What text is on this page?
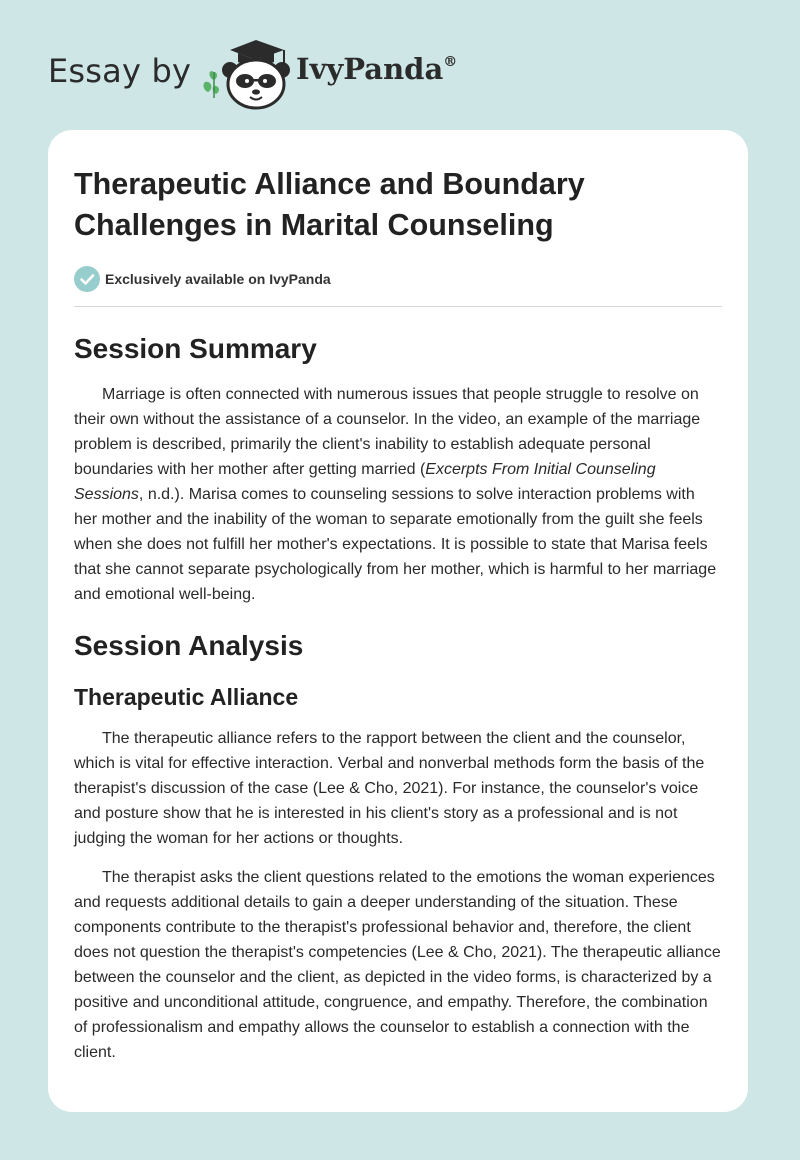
Essay by	IvyPanda®
Therapeutic Alliance and Boundary Challenges in Marital Counseling
Exclusively available on IvyPanda
Session Summary

Marriage is often connected with numerous issues that people struggle to resolve on their own without the assistance of a counselor. In the video, an example of the marriage problem is described, primarily the client's inability to establish adequate personal boundaries with her mother after getting married (Excerpts From Initial Counseling Sessions, n.d.). Marisa comes to counseling sessions to solve interaction problems with her mother and the inability of the woman to separate emotionally from the guilt she feels when she does not fulfill her mother's expectations. It is possible to state that Marisa feels that she cannot separate psychologically from her mother, which is harmful to her marriage and emotional well-being.

Session Analysis
Therapeutic Alliance

The therapeutic alliance refers to the rapport between the client and the counselor, which is vital for effective interaction. Verbal and nonverbal methods form the basis of the therapist's discussion of the case (Lee & Cho, 2021). For instance, the counselor's voice and posture show that he is interested in his client's story as a professional and is not judging the woman for her actions or thoughts.

The therapist asks the client questions related to the emotions the woman experiences and requests additional details to gain a deeper understanding of the situation. These components contribute to the therapist's professional behavior and, therefore, the client does not question the therapist's competencies (Lee & Cho, 2021). The therapeutic alliance between the counselor and the client, as depicted in the video forms, is characterized by a positive and unconditional attitude, congruence, and empathy. Therefore, the combination of professionalism and empathy allows the counselor to establish a connection with the client.
